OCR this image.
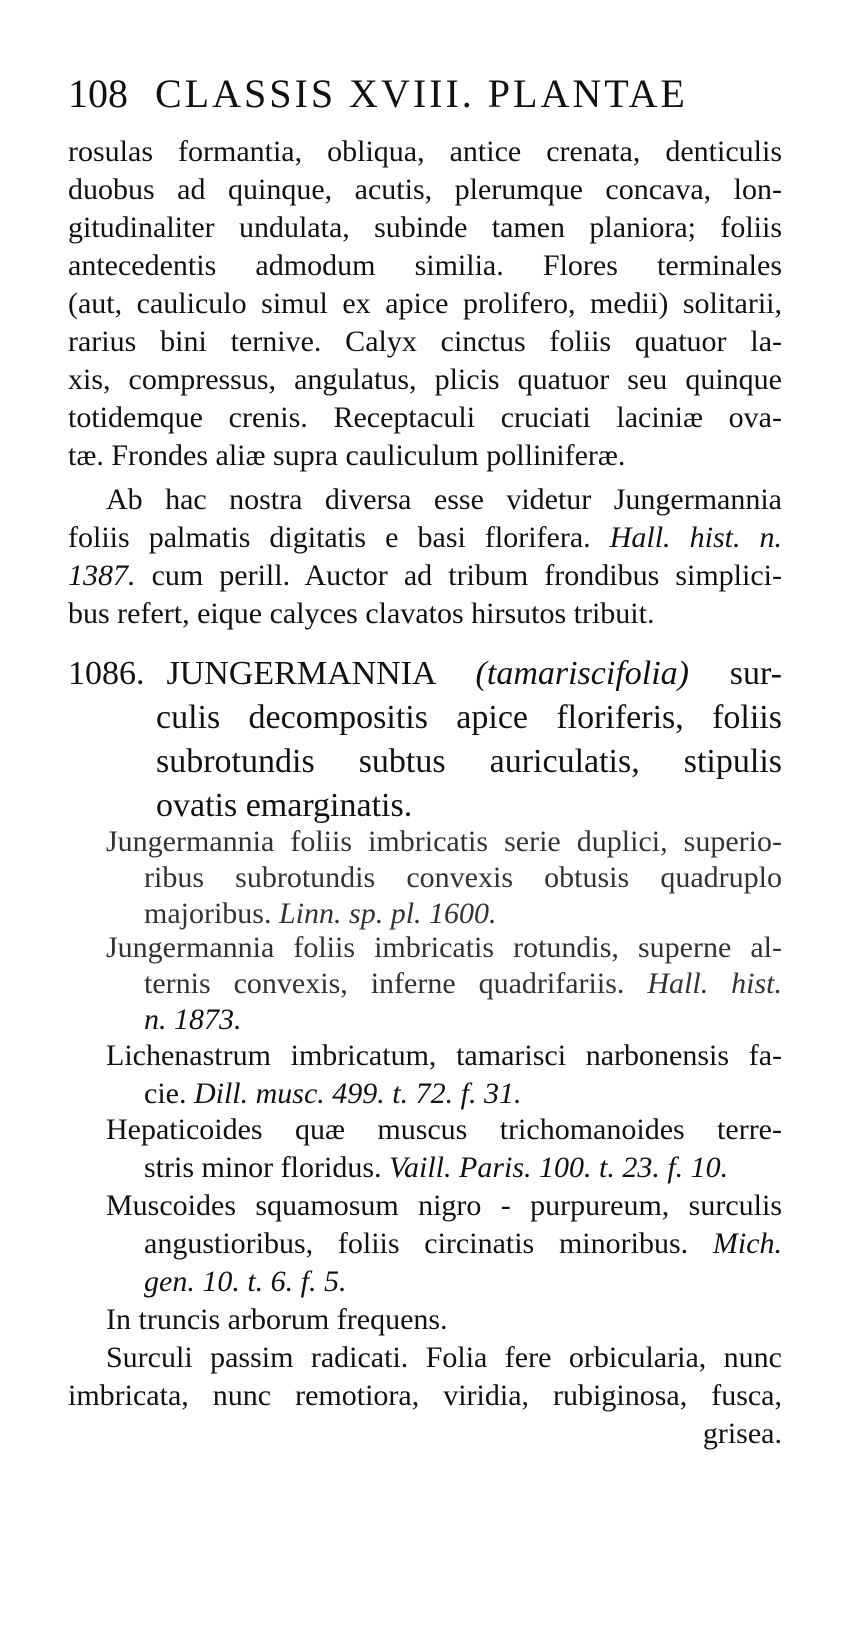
108 CLASSIS XVIII. PLANTAE
rosulas formantia, obliqua, antice crenata, denticulis
duobus ad quinque, acutis, plerumque concava, lon-
gitudinaliter undulata, subinde tamen planiora; foliis
antecedentis admodum similia. Flores terminales
(aut, cauliculo simul ex apice prolifero, medii) solitarii,
rarius bini ternive. Calyx cinctus foliis quatuor la-
xis, compressus, angulatus, plicis quatuor seu quinque
totidemque crenis. Receptaculi cruciati laciniæ ova-
tæ. Frondes aliæ supra cauliculum polliniferæ.
Ab hac nostra diversa esse videtur Jungermannia
foliis palmatis digitatis e basi florifera. Hall. hist. n.
1387. cum perill. Auctor ad tribum frondibus simplici-
bus refert, eique calyces clavatos hirsutos tribuit.
1086. JUNGERMANNIA (tamariscifolia) sur-
culis decompositis apice floriferis, foliis
subrotundis subtus auriculatis, stipulis
ovatis emarginatis.
Jungermannia foliis imbricatis serie duplici, superio-
ribus subrotundis convexis obtusis quadruplo
majoribus. Linn. sp. pl. 1600.
Jungermannia foliis imbricatis rotundis, superne al-
ternis convexis, inferne quadrifariis. Hall. hist.
n. 1873.
Lichenastrum imbricatum, tamarisci narbonensis fa-
cie. Dill. musc. 499. t. 72. f. 31.
Hepaticoides quæ muscus trichomanoides terre-
stris minor floridus. Vaill. Paris. 100. t. 23. f. 10.
Muscoides squamosum nigro - purpureum, surculis
angustioribus, foliis circinatis minoribus. Mich.
gen. 10. t. 6. f. 5.
In truncis arborum frequens.
Surculi passim radicati. Folia fere orbicularia, nunc
imbricata, nunc remotiora, viridia, rubiginosa, fusca,
grisea.
